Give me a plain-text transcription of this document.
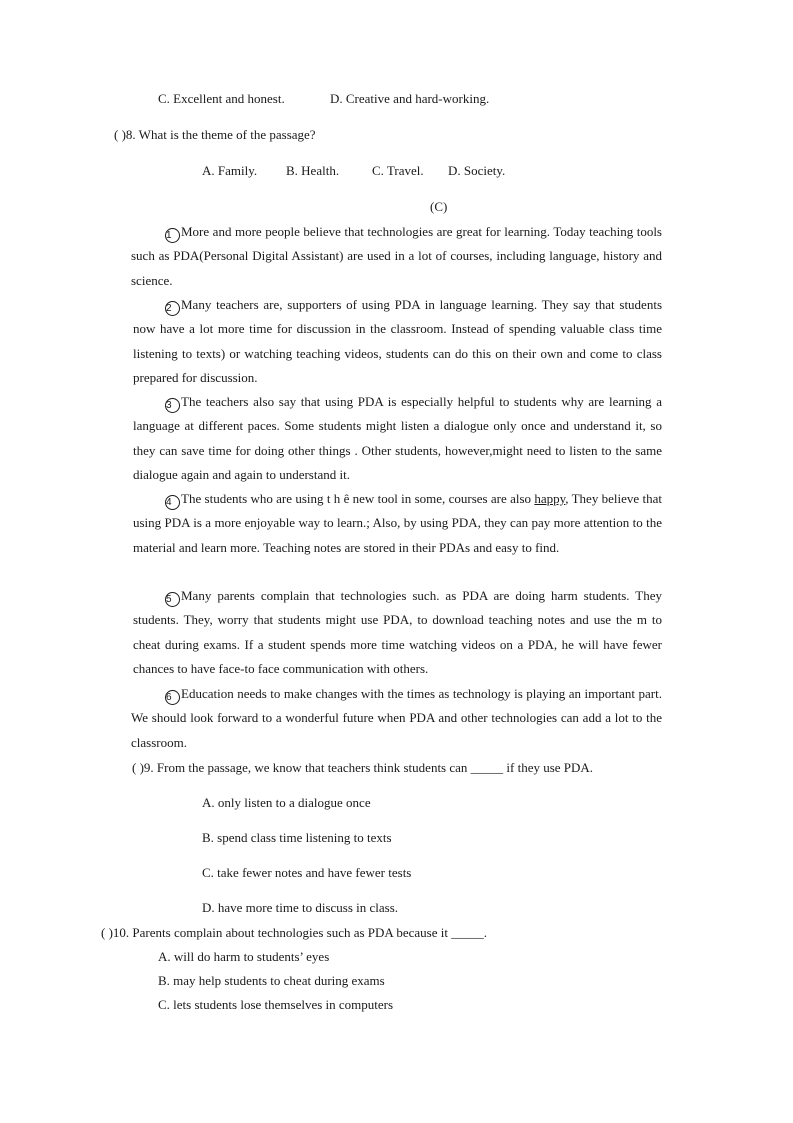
C. Excellent and honest.	D. Creative and hard-working.
( )8. What is the theme of the passage?
A. Family. B. Health.	C. Travel. D. Society.
(C)
1 More and more people believe that technologies are great for learning. Today teaching tools such as PDA(Personal Digital Assistant) are used in a lot of courses, including language, history and science.
2 Many teachers are, supporters of using PDA in language learning. They say that students now have a lot more time for discussion in the classroom. Instead of spending valuable class time listening to texts) or watching teaching videos, students can do this on their own and come to class prepared for discussion.
3 The teachers also say that using PDA is especially helpful to students why are learning a language at different paces. Some students might listen a dialogue only once and understand it, so they can save time for doing other things . Other students, however,might need to listen to the same dialogue again and again to understand it.
4 The students who are using t h ê new tool in some, courses are also happy, They believe that using PDA is a more enjoyable way to learn.; Also, by using PDA, they can pay more attention to the material and learn more. Teaching notes are stored in their PDAs and easy to find.
5 Many parents complain that technologies such. as PDA are doing harm students. They students. They, worry that students might use PDA, to download teaching notes and use the m to cheat during exams. If a student spends more time watching videos on a PDA, he will have fewer chances to have face-to face communication with others.
6 Education needs to make changes with the times as technology is playing an important part. We should look forward to a wonderful future when PDA and other technologies can add a lot to the classroom.
( )9. From the passage, we know that teachers think students can _____ if they use PDA.
A. only listen to a dialogue once
B. spend class time listening to texts
C. take fewer notes and have fewer tests
D. have more time to discuss in class.
( )10. Parents complain about technologies such as PDA because it _____.
A. will do harm to students’ eyes
B. may help students to cheat during exams
C. lets students lose themselves in computers
